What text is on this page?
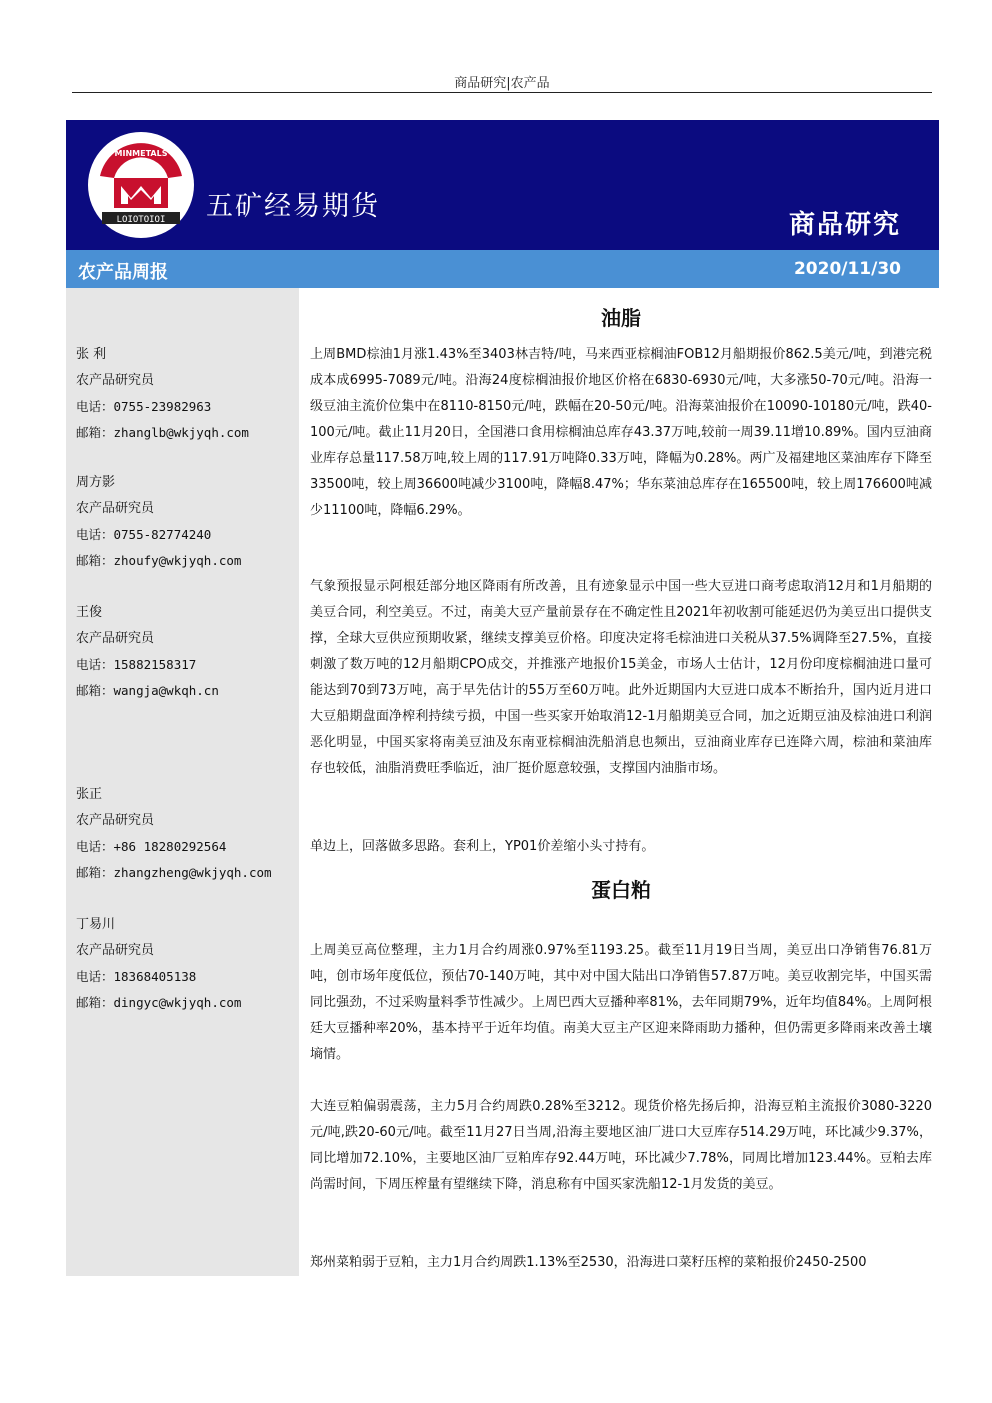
商品研究|农产品
LOIOTOIOI
MINMETALS
五矿经易期货
商品研究
农产品周报	2020/11/30
张 利
农产品研究员
电话：0755-23982963
邮箱：zhanglb@wkjyqh.com
周方影
农产品研究员
电话：0755-82774240
邮箱：zhoufy@wkjyqh.com
王俊
农产品研究员
电话：15882158317
邮箱：wangja@wkqh.cn
张正
农产品研究员
电话：+86 18280292564
邮箱：zhangzheng@wkjyqh.com
丁易川
农产品研究员
电话：18368405138
邮箱：dingyc@wkjyqh.com
油脂
上周BMD棕油1月涨1.43%至3403林吉特/吨，马来西亚棕榈油FOB12月船期报价862.5美元/吨，到港完税成本成6995-7089元/吨。沿海24度棕榈油报价地区价格在6830-6930元/吨，大多涨50-70元/吨。沿海一级豆油主流价位集中在8110-8150元/吨，跌幅在20-50元/吨。沿海菜油报价在10090-10180元/吨，跌40-100元/吨。截止11月20日，全国港口食用棕榈油总库存43.37万吨,较前一周39.11增10.89%。国内豆油商业库存总量117.58万吨,较上周的117.91万吨降0.33万吨，降幅为0.28%。两广及福建地区菜油库存下降至33500吨，较上周36600吨减少3100吨，降幅8.47%；华东菜油总库存在165500吨，较上周176600吨减少11100吨，降幅6.29%。
气象预报显示阿根廷部分地区降雨有所改善，且有迹象显示中国一些大豆进口商考虑取消12月和1月船期的美豆合同，利空美豆。不过，南美大豆产量前景存在不确定性且2021年初收割可能延迟仍为美豆出口提供支撑，全球大豆供应预期收紧，继续支撑美豆价格。印度决定将毛棕油进口关税从37.5%调降至27.5%，直接刺激了数万吨的12月船期CPO成交，并推涨产地报价15美金，市场人士估计，12月份印度棕榈油进口量可能达到70到73万吨，高于早先估计的55万至60万吨。此外近期国内大豆进口成本不断抬升，国内近月进口大豆船期盘面净榨利持续亏损，中国一些买家开始取消12-1月船期美豆合同，加之近期豆油及棕油进口利润恶化明显，中国买家将南美豆油及东南亚棕榈油洗船消息也频出，豆油商业库存已连降六周，棕油和菜油库存也较低，油脂消费旺季临近，油厂挺价愿意较强，支撑国内油脂市场。
单边上，回落做多思路。套利上，YP01价差缩小头寸持有。
蛋白粕
上周美豆高位整理，主力1月合约周涨0.97%至1193.25。截至11月19日当周，美豆出口净销售76.81万吨，创市场年度低位，预估70-140万吨，其中对中国大陆出口净销售57.87万吨。美豆收割完毕，中国买需同比强劲，不过采购量料季节性减少。上周巴西大豆播种率81%，去年同期79%，近年均值84%。上周阿根廷大豆播种率20%，基本持平于近年均值。南美大豆主产区迎来降雨助力播种，但仍需更多降雨来改善土壤墒情。
大连豆粕偏弱震荡，主力5月合约周跌0.28%至3212。现货价格先扬后抑，沿海豆粕主流报价3080-3220元/吨,跌20-60元/吨。截至11月27日当周,沿海主要地区油厂进口大豆库存514.29万吨，环比减少9.37%，同比增加72.10%，主要地区油厂豆粕库存92.44万吨，环比减少7.78%，同周比增加123.44%。豆粕去库尚需时间，下周压榨量有望继续下降，消息称有中国买家洗船12-1月发货的美豆。
郑州菜粕弱于豆粕，主力1月合约周跌1.13%至2530，沿海进口菜籽压榨的菜粕报价2450-2500
